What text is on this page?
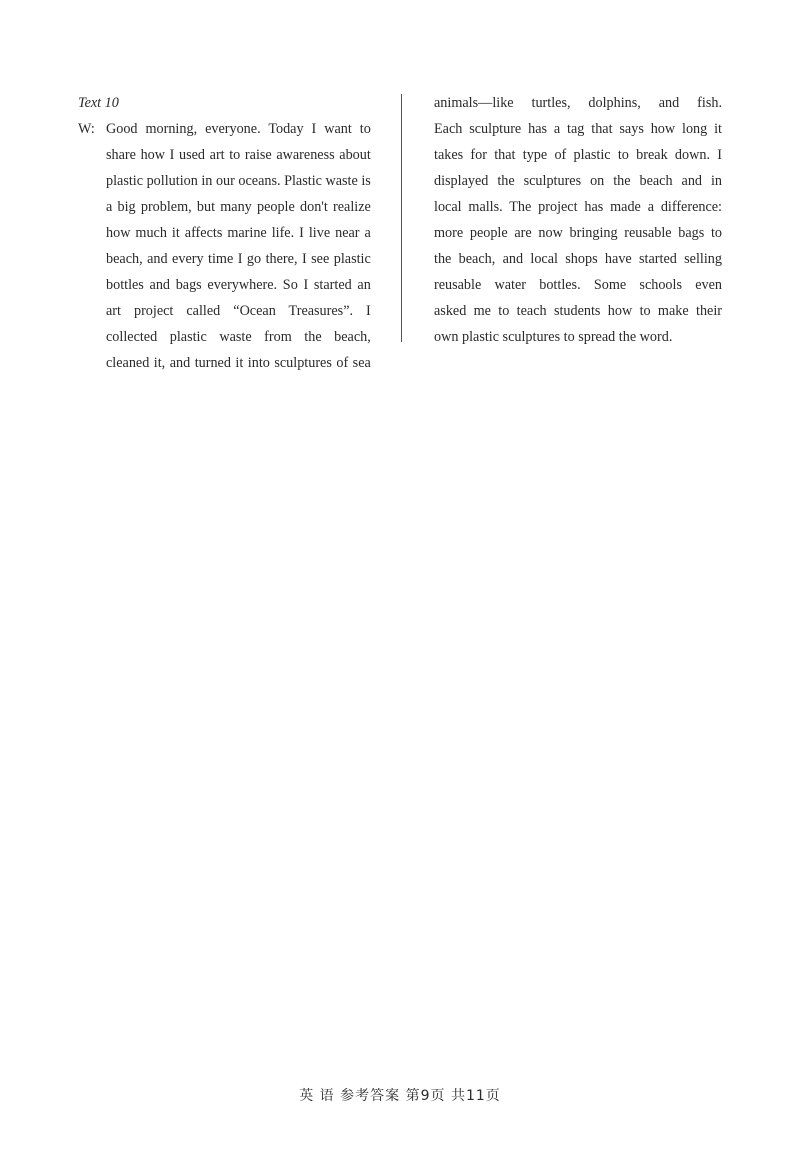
Text 10
W: Good morning, everyone. Today I want to
share how I used art to raise awareness about
plastic pollution in our oceans. Plastic waste is
a big problem, but many people don't realize
how much it affects marine life. I live near a
beach, and every time I go there, I see plastic
bottles and bags everywhere. So I started an
art project called “Ocean Treasures”. I
collected plastic waste from the beach,
cleaned it, and turned it into sculptures of sea
animals—like turtles, dolphins, and fish.
Each sculpture has a tag that says how long it
takes for that type of plastic to break down. I
displayed the sculptures on the beach and in
local malls. The project has made a difference:
more people are now bringing reusable bags to
the beach, and local shops have started selling
reusable water bottles. Some schools even
asked me to teach students how to make their
own plastic sculptures to spread the word.
英 语 参考答案 第9页 共11页
